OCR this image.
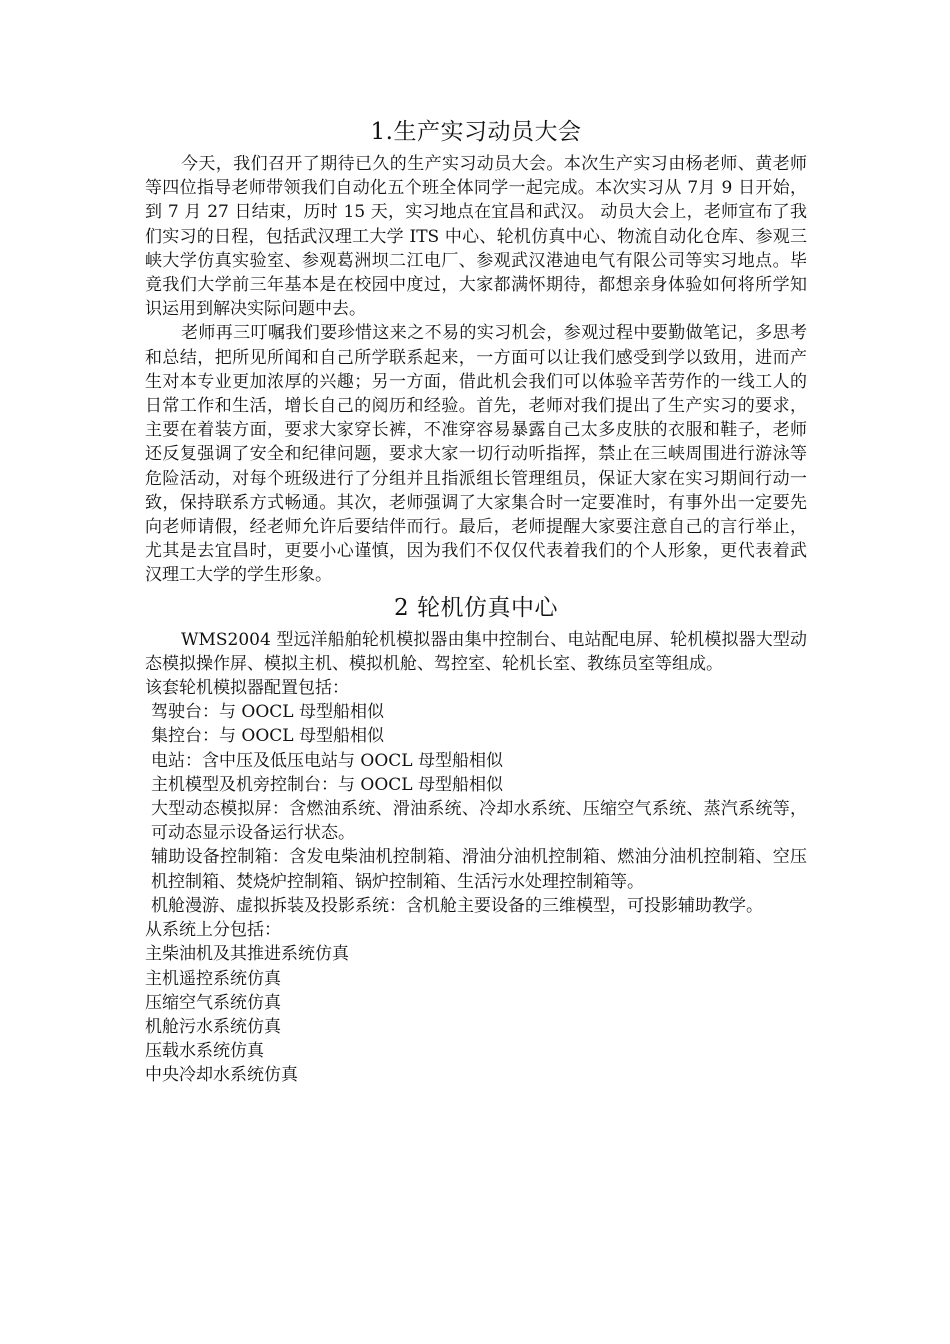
1.生产实习动员大会

今天，我们召开了期待已久的生产实习动员大会。本次生产实习由杨老师、黄老师等四位指导老师带领我们自动化五个班全体同学一起完成。本次实习从 7月 9 日开始，到 7 月 27 日结束，历时 15 天，实习地点在宜昌和武汉。 动员大会上，老师宣布了我们实习的日程，包括武汉理工大学 ITS 中心、轮机仿真中心、物流自动化仓库、参观三峡大学仿真实验室、参观葛洲坝二江电厂、参观武汉港迪电气有限公司等实习地点。毕竟我们大学前三年基本是在校园中度过，大家都满怀期待，都想亲身体验如何将所学知识运用到解决实际问题中去。

老师再三叮嘱我们要珍惜这来之不易的实习机会，参观过程中要勤做笔记，多思考和总结，把所见所闻和自己所学联系起来，一方面可以让我们感受到学以致用，进而产生对本专业更加浓厚的兴趣；另一方面，借此机会我们可以体验辛苦劳作的一线工人的日常工作和生活，增长自己的阅历和经验。首先，老师对我们提出了生产实习的要求，主要在着装方面，要求大家穿长裤，不准穿容易暴露自己太多皮肤的衣服和鞋子，老师还反复强调了安全和纪律问题，要求大家一切行动听指挥，禁止在三峡周围进行游泳等危险活动，对每个班级进行了分组并且指派组长管理组员，保证大家在实习期间行动一致，保持联系方式畅通。其次，老师强调了大家集合时一定要准时，有事外出一定要先向老师请假，经老师允许后要结伴而行。最后，老师提醒大家要注意自己的言行举止，尤其是去宜昌时，更要小心谨慎，因为我们不仅仅代表着我们的个人形象，更代表着武汉理工大学的学生形象。

2 轮机仿真中心

WMS2004 型远洋船舶轮机模拟器由集中控制台、电站配电屏、轮机模拟器大型动态模拟操作屏、模拟主机、模拟机舱、驾控室、轮机长室、教练员室等组成。

该套轮机模拟器配置包括：

驾驶台：与 OOCL 母型船相似

集控台：与 OOCL 母型船相似

电站：含中压及低压电站与 OOCL 母型船相似

主机模型及机旁控制台：与 OOCL 母型船相似

大型动态模拟屏：含燃油系统、滑油系统、冷却水系统、压缩空气系统、蒸汽系统等，可动态显示设备运行状态。

辅助设备控制箱：含发电柴油机控制箱、滑油分油机控制箱、燃油分油机控制箱、空压机控制箱、焚烧炉控制箱、锅炉控制箱、生活污水处理控制箱等。

机舱漫游、虚拟拆装及投影系统：含机舱主要设备的三维模型，可投影辅助教学。

从系统上分包括：

主柴油机及其推进系统仿真

主机遥控系统仿真

压缩空气系统仿真

机舱污水系统仿真

压载水系统仿真

中央冷却水系统仿真
